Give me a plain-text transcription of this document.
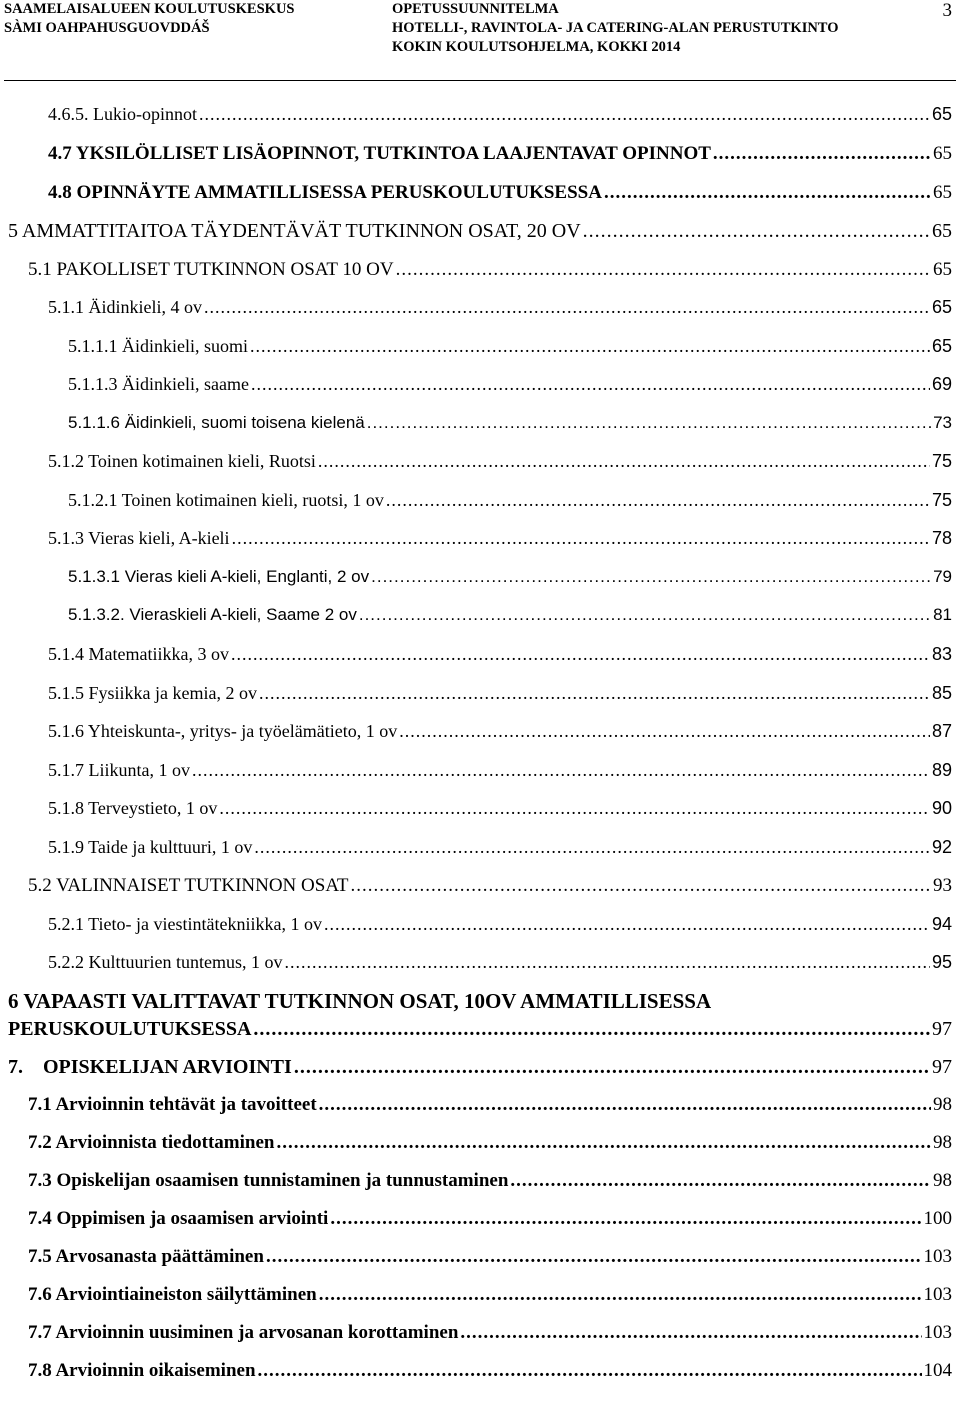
SAAMELAISALUEEN KOULUTUSKESKUS
SÀMI OAHPAHUSGUOVDDÁŠ
OPETUSSUUNNITELMA
HOTELLI-, RAVINTOLA- JA CATERING-ALAN PERUSTUTKINTO
KOKIN KOULUTSOHJELMA, KOKKI 2014
3
4.6.5. Lukio-opinnot .....	65
4.7 YKSILÖLLISET LISÄOPINNOT, TUTKINTOA LAAJENTAVAT OPINNOT .....	65
4.8 OPINNÄYTE AMMATILLISESSA PERUSKOULUTUKSESSA .....	65
5 AMMATTITAITOA TÄYDENTÄVÄT TUTKINNON OSAT, 20 OV .....	65
5.1 PAKOLLISET TUTKINNON OSAT 10 OV .....	65
5.1.1 Äidinkieli, 4 ov .....	65
5.1.1.1 Äidinkieli, suomi .....	65
5.1.1.3 Äidinkieli, saame .....	69
5.1.1.6 Äidinkieli, suomi toisena kielenä .....	73
5.1.2 Toinen kotimainen kieli, Ruotsi .....	75
5.1.2.1 Toinen kotimainen kieli, ruotsi, 1 ov .....	75
5.1.3 Vieras kieli, A-kieli .....	78
5.1.3.1 Vieras kieli A-kieli, Englanti, 2 ov .....	79
5.1.3.2. Vieraskieli A-kieli, Saame 2 ov .....	81
5.1.4 Matematiikka, 3 ov .....	83
5.1.5 Fysiikka ja kemia, 2 ov .....	85
5.1.6 Yhteiskunta-, yritys- ja työelämätieto, 1 ov .....	87
5.1.7 Liikunta, 1 ov .....	89
5.1.8 Terveystieto, 1 ov .....	90
5.1.9 Taide ja kulttuuri, 1 ov .....	92
5.2 VALINNAISET TUTKINNON OSAT .....	93
5.2.1 Tieto- ja viestintätekniikka, 1 ov .....	94
5.2.2 Kulttuurien tuntemus, 1 ov .....	95
6 VAPAASTI VALITTAVAT TUTKINNON OSAT, 10OV AMMATILLISESSA
PERUSKOULUTUKSESSA .....	97
7.    OPISKELIJAN ARVIOINTI .....	97
7.1 Arvioinnin tehtävät ja tavoitteet .....	98
7.2 Arvioinnista tiedottaminen .....	98
7.3 Opiskelijan osaamisen tunnistaminen ja tunnustaminen .....	98
7.4 Oppimisen ja osaamisen arviointi .....	100
7.5 Arvosanasta päättäminen .....	103
7.6 Arviointiaineiston säilyttäminen .....	103
7.7 Arvioinnin uusiminen ja arvosanan korottaminen .....	103
7.8 Arvioinnin oikaiseminen .....	104
